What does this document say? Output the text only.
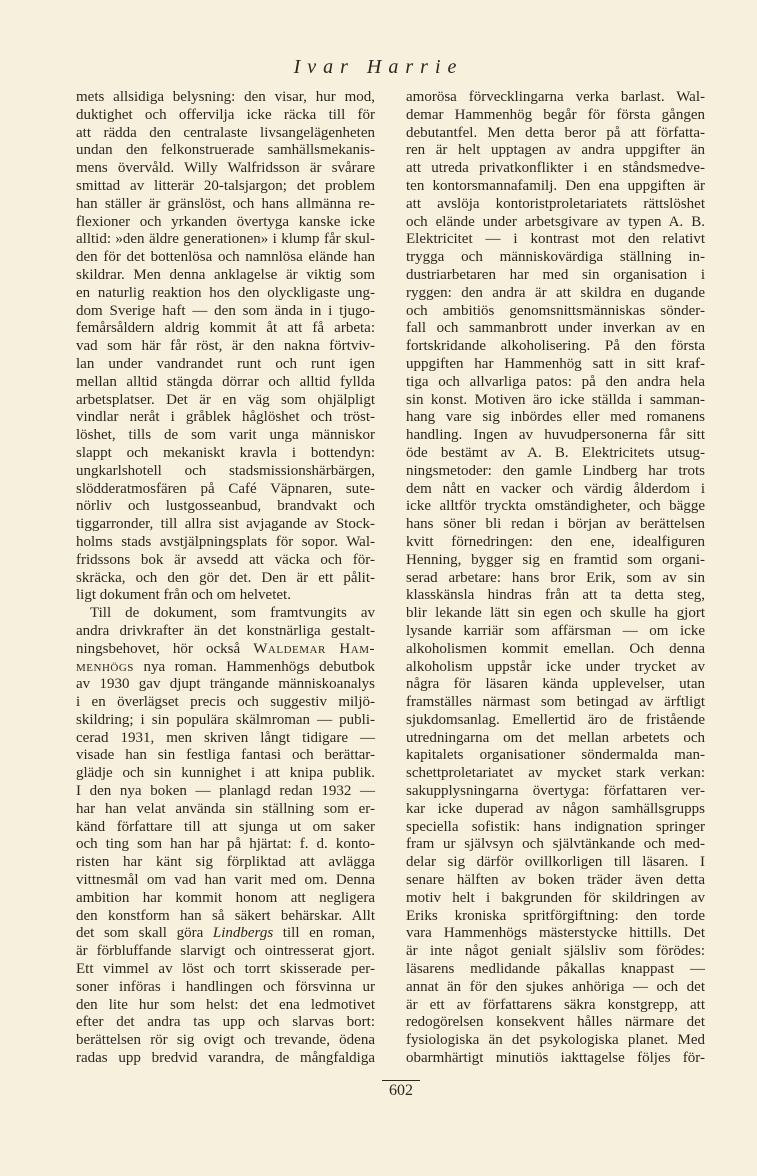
Ivar Harrie
mets allsidiga belysning: den visar, hur mod,
duktighet och offervilja icke räcka till för
att rädda den centralaste livsangelägenheten
undan den felkonstruerade samhällsmekanis-
mens övervåld. Willy Walfridsson är svårare
smittad av litterär 20-talsjargon; det problem
han ställer är gränslöst, och hans allmänna re-
flexioner och yrkanden övertyga kanske icke
alltid: »den äldre generationen» i klump får skul-
den för det bottenlösa och namnlösa elände han
skildrar. Men denna anklagelse är viktig som
en naturlig reaktion hos den olyckligaste ung-
dom Sverige haft — den som ända in i tjugo-
femårsåldern aldrig kommit åt att få arbeta:
vad som här får röst, är den nakna förtviv-
lan under vandrandet runt och runt igen
mellan alltid stängda dörrar och alltid fyllda
arbetsplatser. Det är en väg som ohjälpligt
vindlar neråt i gråblek håglöshet och tröst-
löshet, tills de som varit unga människor
slappt och mekaniskt kravla i bottendyn:
ungkarlshotell och stadsmissionshärbärgen,
slödderatmosfären på Café Väpnaren, sute-
nörliv och lustgosseanbud, brandvakt och
tiggarronder, till allra sist avjagande av Stock-
holms stads avstjälpningsplats för sopor. Wal-
fridssons bok är avsedd att väcka och för-
skräcka, och den gör det. Den är ett pålit-
ligt dokument från och om helvetet.
Till de dokument, som framtvungits av
andra drivkrafter än det konstnärliga gestalt-
ningsbehovet, hör också Waldemar Ham-
menhögs nya roman. Hammenhögs debutbok
av 1930 gav djupt trängande människoanalys
i en överlägset precis och suggestiv miljö-
skildring; i sin populära skälmroman — publi-
cerad 1931, men skriven långt tidigare —
visade han sin festliga fantasi och berättar-
glädje och sin kunnighet i att knipa publik.
I den nya boken — planlagd redan 1932 —
har han velat använda sin ställning som er-
känd författare till att sjunga ut om saker
och ting som han har på hjärtat: f. d. konto-
risten har känt sig förpliktad att avlägga
vittnesmål om vad han varit med om. Denna
ambition har kommit honom att negligera
den konstform han så säkert behärskar. Allt
det som skall göra Lindbergs till en roman,
är förbluffande slarvigt och ointresserat gjort.
Ett vimmel av löst och torrt skisserade per-
soner införas i handlingen och försvinna ur
den lite hur som helst: det ena ledmotivet
efter det andra tas upp och slarvas bort:
berättelsen rör sig ovigt och trevande, ödena
radas upp bredvid varandra, de mångfaldiga
amorösa förvecklingarna verka barlast. Wal-
demar Hammenhög begår för första gången
debutantfel. Men detta beror på att författa-
ren är helt upptagen av andra uppgifter än
att utreda privatkonflikter i en ståndsmedve-
ten kontorsmannafamilj. Den ena uppgiften är
att avslöja kontoristproletariatets rättslöshet
och elände under arbetsgivare av typen A. B.
Elektricitet — i kontrast mot den relativt
trygga och människovärdiga ställning in-
dustriarbetaren har med sin organisation i
ryggen: den andra är att skildra en dugande
och ambitiös genomsnittsmänniskas sönder-
fall och sammanbrott under inverkan av en
fortskridande alkoholisering. På den första
uppgiften har Hammenhög satt in sitt kraf-
tiga och allvarliga patos: på den andra hela
sin konst. Motiven äro icke ställda i samman-
hang vare sig inbördes eller med romanens
handling. Ingen av huvudpersonerna får sitt
öde bestämt av A. B. Elektricitets utsug-
ningsmetoder: den gamle Lindberg har trots
dem nått en vacker och värdig ålderdom i
icke alltför tryckta omständigheter, och bägge
hans söner bli redan i början av berättelsen
kvitt förnedringen: den ene, idealfiguren
Henning, bygger sig en framtid som organi-
serad arbetare: hans bror Erik, som av sin
klasskänsla hindras från att ta detta steg,
blir lekande lätt sin egen och skulle ha gjort
lysande karriär som affärsman — om icke
alkoholismen kommit emellan. Och denna
alkoholism uppstår icke under trycket av
några för läsaren kända upplevelser, utan
framställes närmast som betingad av ärftligt
sjukdomsanlag. Emellertid äro de fristående
utredningarna om det mellan arbetets och
kapitalets organisationer söndermalda man-
schettproletariatet av mycket stark verkan:
sakupplysningarna övertyga: författaren ver-
kar icke duperad av någon samhällsgrupps
speciella sofistik: hans indignation springer
fram ur självsyn och självtänkande och med-
delar sig därför ovillkorligen till läsaren. I
senare hälften av boken träder även detta
motiv helt i bakgrunden för skildringen av
Eriks kroniska spritförgiftning: den torde
vara Hammenhögs mästerstycke hittills. Det
är inte något genialt själsliv som förödes:
läsarens medlidande påkallas knappast —
annat än för den sjukes anhöriga — och det
är ett av författarens säkra konstgrepp, att
redogörelsen konsekvent hålles närmare det
fysiologiska än det psykologiska planet. Med
obarmhärtigt minutiös iakttagelse följes för-
602
